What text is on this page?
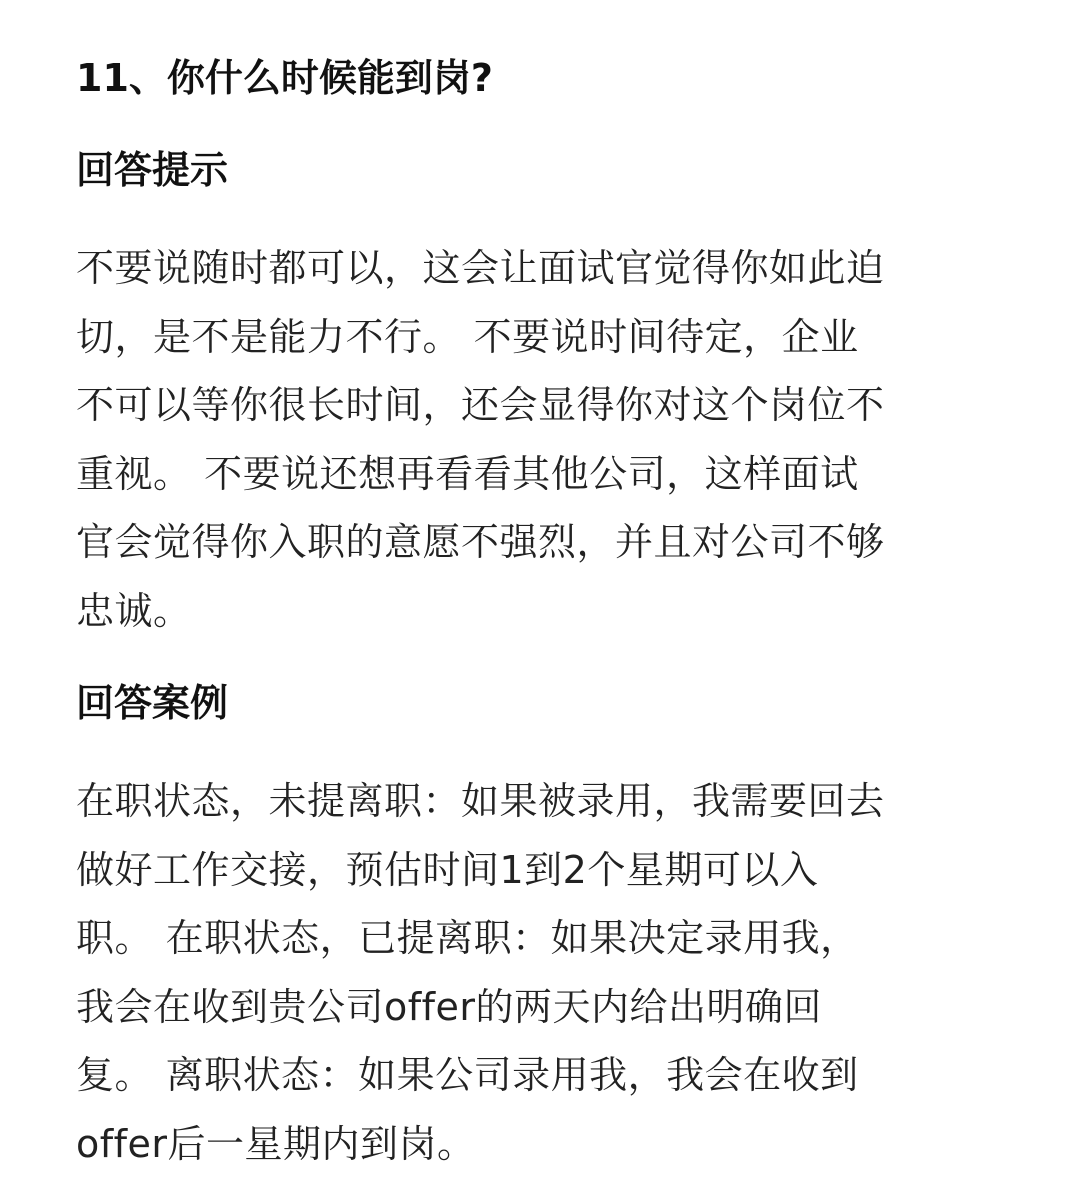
11、你什么时候能到岗?
回答提示
不要说随时都可以，这会让面试官觉得你如此迫
切，是不是能力不行。 不要说时间待定，企业
不可以等你很长时间，还会显得你对这个岗位不
重视。 不要说还想再看看其他公司，这样面试
官会觉得你入职的意愿不强烈，并且对公司不够
忠诚。
回答案例
在职状态，未提离职：如果被录用，我需要回去
做好工作交接，预估时间1到2个星期可以入
职。 在职状态，已提离职：如果决定录用我，
我会在收到贵公司offer的两天内给出明确回
复。 离职状态：如果公司录用我，我会在收到
offer后一星期内到岗。
